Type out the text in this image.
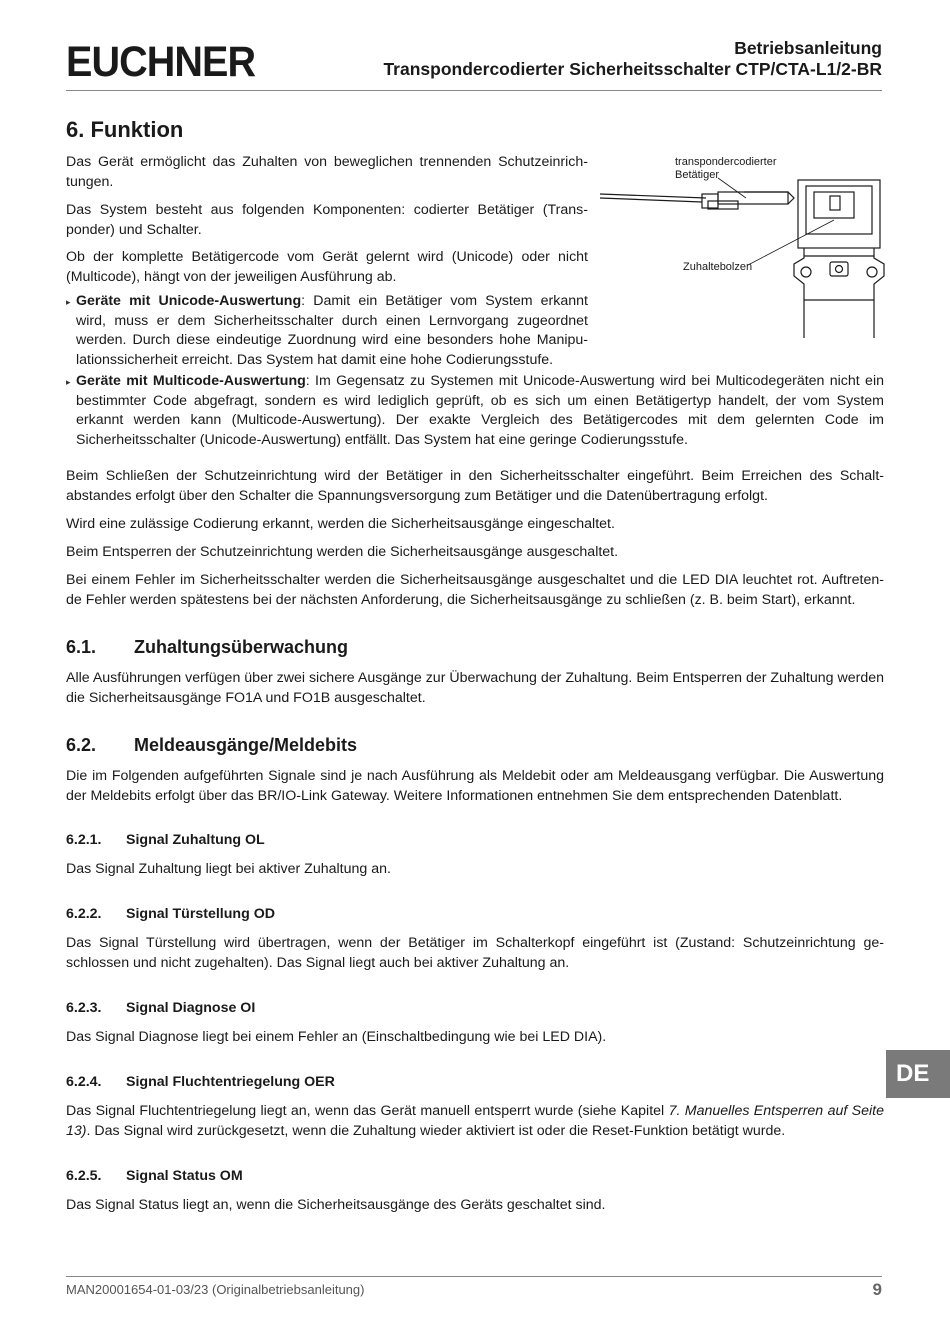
EUCHNER	Betriebsanleitung
Transpondercodierter Sicherheitsschalter CTP/CTA-L1/2-BR
6. Funktion

Das Gerät ermöglicht das Zuhalten von beweglichen trennenden Schutzeinrich-tungen.

Das System besteht aus folgenden Komponenten: codierter Betätiger (Trans-ponder) und Schalter.

Ob der komplette Betätigercode vom Gerät gelernt wird (Unicode) oder nicht (Multicode), hängt von der jeweiligen Ausführung ab.

▸ Geräte mit Unicode-Auswertung: Damit ein Betätiger vom System erkannt wird, muss er dem Sicherheitsschalter durch einen Lernvorgang zugeordnet werden. Durch diese eindeutige Zuordnung wird eine besonders hohe Manipu-lationssicherheit erreicht. Das System hat damit eine hohe Codierungsstufe.
▸ Geräte mit Multicode-Auswertung: Im Gegensatz zu Systemen mit Unicode-Auswertung wird bei Multicodegeräten nicht ein bestimmter Code abgefragt, sondern es wird lediglich geprüft, ob es sich um einen Betätigertyp handelt, der vom System erkannt werden kann (Multicode-Auswertung). Der exakte Vergleich des Betätigercodes mit dem gelernten Code im Sicherheitsschalter (Unicode-Auswertung) entfällt. Das System hat eine geringe Codierungsstufe.

Beim Schließen der Schutzeinrichtung wird der Betätiger in den Sicherheitsschalter eingeführt. Beim Erreichen des Schalt-abstandes erfolgt über den Schalter die Spannungsversorgung zum Betätiger und die Datenübertragung erfolgt.

Wird eine zulässige Codierung erkannt, werden die Sicherheitsausgänge eingeschaltet.

Beim Entsperren der Schutzeinrichtung werden die Sicherheitsausgänge ausgeschaltet.

Bei einem Fehler im Sicherheitsschalter werden die Sicherheitsausgänge ausgeschaltet und die LED DIA leuchtet rot. Auftreten-de Fehler werden spätestens bei der nächsten Anforderung, die Sicherheitsausgänge zu schließen (z. B. beim Start), erkannt.

transpondercodierter Betätiger
Zuhaltebolzen
6.1. Zuhaltungsüberwachung

Alle Ausführungen verfügen über zwei sichere Ausgänge zur Überwachung der Zuhaltung. Beim Entsperren der Zuhaltung werden die Sicherheitsausgänge FO1A und FO1B ausgeschaltet.

6.2. Meldeausgänge/Meldebits

Die im Folgenden aufgeführten Signale sind je nach Ausführung als Meldebit oder am Meldeausgang verfügbar. Die Auswertung der Meldebits erfolgt über das BR/IO-Link Gateway. Weitere Informationen entnehmen Sie dem entsprechenden Datenblatt.

6.2.1. Signal Zuhaltung OL

Das Signal Zuhaltung liegt bei aktiver Zuhaltung an.

6.2.2. Signal Türstellung OD

Das Signal Türstellung wird übertragen, wenn der Betätiger im Schalterkopf eingeführt ist (Zustand: Schutzeinrichtung ge-schlossen und nicht zugehalten). Das Signal liegt auch bei aktiver Zuhaltung an.

6.2.3. Signal Diagnose OI

Das Signal Diagnose liegt bei einem Fehler an (Einschaltbedingung wie bei LED DIA).

6.2.4. Signal Fluchtentriegelung OER

Das Signal Fluchtentriegelung liegt an, wenn das Gerät manuell entsperrt wurde (siehe Kapitel 7. Manuelles Entsperren auf Seite 13). Das Signal wird zurückgesetzt, wenn die Zuhaltung wieder aktiviert ist oder die Reset-Funktion betätigt wurde.

6.2.5. Signal Status OM

Das Signal Status liegt an, wenn die Sicherheitsausgänge des Geräts geschaltet sind.

DE
MAN20001654-01-03/23 (Originalbetriebsanleitung)	9
